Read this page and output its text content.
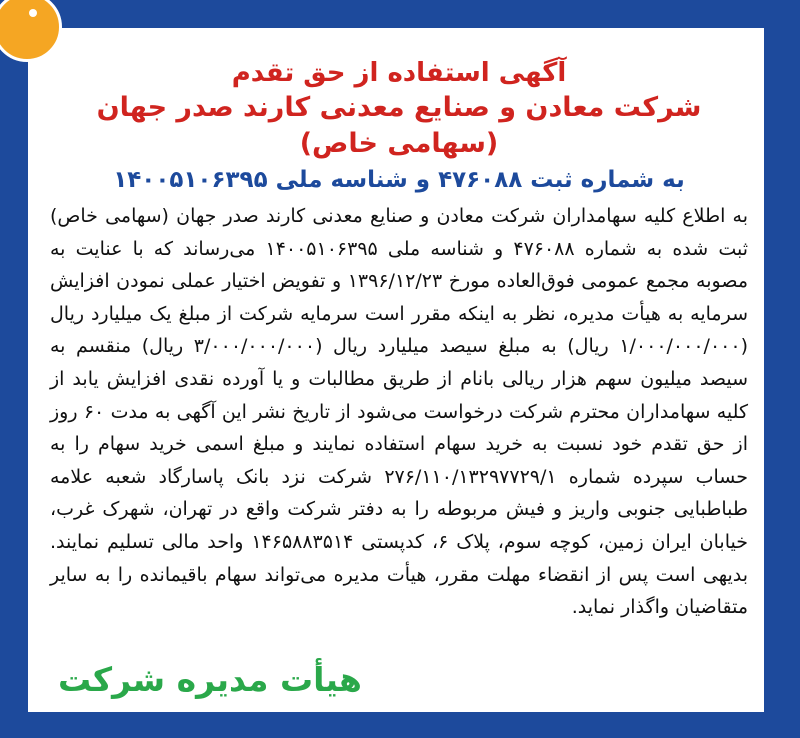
آگهی استفاده از حق تقدم

شرکت معادن و صنایع معدنی کارند صدر جهان (سهامی خاص)

به شماره ثبت ۴۷۶۰۸۸ و شناسه ملی ۱۴۰۰۵۱۰۶۳۹۵

به اطلاع کلیه سهامداران شرکت معادن و صنایع معدنی کارند صدر جهان (سهامی خاص) ثبت شده به شماره ۴۷۶۰۸۸ و شناسه ملی ۱۴۰۰۵۱۰۶۳۹۵ می‌رساند که با عنایت به مصوبه مجمع عمومی فوق‌العاده مورخ ۱۳۹۶/۱۲/۲۳ و تفویض اختیار عملی نمودن افزایش سرمایه به هیأت مدیره، نظر به اینکه مقرر است سرمایه شرکت از مبلغ یک میلیارد ریال (۱/۰۰۰/۰۰۰/۰۰۰ ریال) به مبلغ سیصد میلیارد ریال (۳/۰۰۰/۰۰۰/۰۰۰ ریال) منقسم به سیصد میلیون سهم هزار ریالی بانام از طریق مطالبات و یا آورده نقدی افزایش یابد از کلیه سهامداران محترم شرکت درخواست می‌شود از تاریخ نشر این آگهی به مدت ۶۰ روز از حق تقدم خود نسبت به خرید سهام استفاده نمایند و مبلغ اسمی خرید سهام را به حساب سپرده شماره ۲۷۶/۱۱۰/۱۳۲۹۷۷۲۹/۱ شرکت نزد بانک پاسارگاد شعبه علامه طباطبایی جنوبی واریز و فیش مربوطه را به دفتر شرکت واقع در تهران، شهرک غرب، خیابان ایران زمین، کوچه سوم، پلاک ۶، کدپستی ۱۴۶۵۸۸۳۵۱۴ واحد مالی تسلیم نمایند. بدیهی است پس از انقضاء مهلت مقرر، هیأت مدیره می‌تواند سهام باقیمانده را به سایر متقاضیان واگذار نماید.

هیأت مدیره شرکت
